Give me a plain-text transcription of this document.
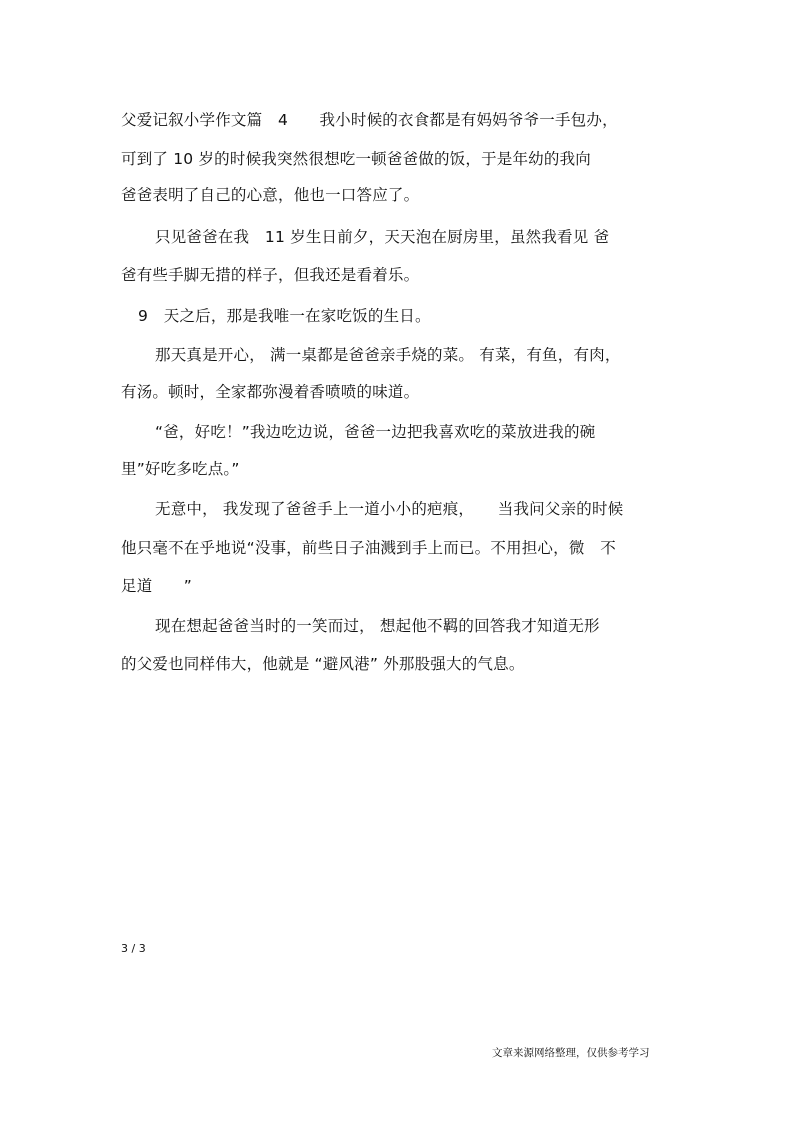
父爱记叙小学作文篇　4　　我小时候的衣食都是有妈妈爷爷一手包办，
可到了 10 岁的时候我突然很想吃一顿爸爸做的饭，于是年幼的我向
爸爸表明了自己的心意，他也一口答应了。
只见爸爸在我　11 岁生日前夕，天天泡在厨房里，虽然我看见 爸
爸有些手脚无措的样子，但我还是看着乐。
9　天之后，那是我唯一在家吃饭的生日。
那天真是开心， 满一桌都是爸爸亲手烧的菜。 有菜，有鱼，有肉，
有汤。顿时，全家都弥漫着香喷喷的味道。
“爸，好吃！”我边吃边说，爸爸一边把我喜欢吃的菜放进我的碗
里”好吃多吃点。”
无意中， 我发现了爸爸手上一道小小的疤痕，　　当我问父亲的时候
他只毫不在乎地说“没事，前些日子油溅到手上而已。不用担心，微　不
足道　　”
现在想起爸爸当时的一笑而过， 想起他不羁的回答我才知道无形
的父爱也同样伟大，他就是 “避风港” 外那股强大的气息。
3 / 3
文章来源网络整理，仅供参考学习
